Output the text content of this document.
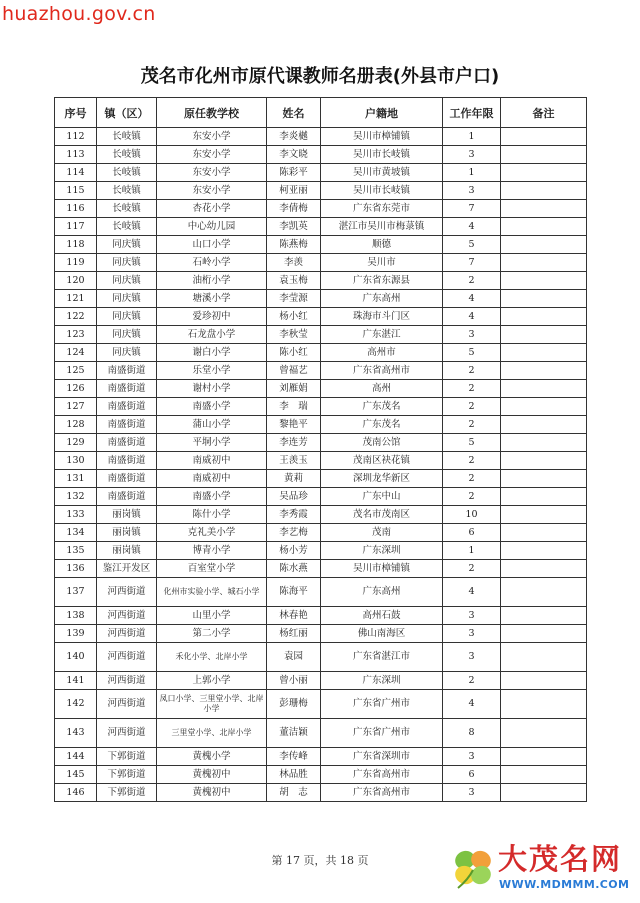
huazhou.gov.cn
茂名市化州市原代课教师名册表(外县市户口)
序号	镇（区）	原任教学校	姓名	户籍地	工作年限	备注
112	长岐镇	东安小学	李炎樾	吴川市樟铺镇	1	
113	长岐镇	东安小学	李文晓	吴川市长岐镇	3	
114	长岐镇	东安小学	陈彩平	吴川市黄坡镇	1	
115	长岐镇	东安小学	柯亚丽	吴川市长岐镇	3	
116	长岐镇	杏花小学	李倩梅	广东省东莞市	7	
117	长岐镇	中心幼儿园	李凯英	湛江市吴川市梅菉镇	4	
118	同庆镇	山口小学	陈燕梅	顺德	5	
119	同庆镇	石岭小学	李羡	吴川市	7	
120	同庆镇	油桁小学	袁玉梅	广东省东源县	2	
121	同庆镇	塘溪小学	李莹源	广东高州	4	
122	同庆镇	爱珍初中	杨小红	珠海市斗门区	4	
123	同庆镇	石龙盘小学	李秋莹	广东湛江	3	
124	同庆镇	谢白小学	陈小红	高州市	5	
125	南盛街道	乐堂小学	曾福艺	广东省高州市	2	
126	南盛街道	谢村小学	刘雁娟	高州	2	
127	南盛街道	南盛小学	李　瑞	广东茂名	2	
128	南盛街道	蒲山小学	黎艳平	广东茂名	2	
129	南盛街道	平垌小学	李连芳	茂南公馆	5	
130	南盛街道	南威初中	王羡玉	茂南区袂花镇	2	
131	南盛街道	南威初中	黄莉	深圳龙华新区	2	
132	南盛街道	南盛小学	吴品珍	广东中山	2	
133	丽岗镇	陈什小学	李秀霞	茂名市茂南区	10	
134	丽岗镇	克礼美小学	李艺梅	茂南	6	
135	丽岗镇	博青小学	杨小芳	广东深圳	1	
136	鉴江开发区	百室堂小学	陈水燕	吴川市樟铺镇	2	
137	河西街道	化州市实验小学、城石小学	陈海平	广东高州	4	
138	河西街道	山里小学	林春艳	高州石鼓	3	
139	河西街道	第二小学	杨红丽	佛山南海区	3	
140	河西街道	禾化小学、北岸小学	袁园	广东省湛江市	3	
141	河西街道	上郭小学	曾小丽	广东深圳	2	
142	河西街道	凤口小学、三里堂小学、北岸小学	彭珊梅	广东省广州市	4	
143	河西街道	三里堂小学、北岸小学	董洁颖	广东省广州市	8	
144	下郭街道	黄槐小学	李传峰	广东省深圳市	3	
145	下郭街道	黄槐初中	林品胜	广东省高州市	6	
146	下郭街道	黄槐初中	胡　志	广东省高州市	3	
第 17 页，共 18 页	大茂名网
WWW.MDMMM.COM
